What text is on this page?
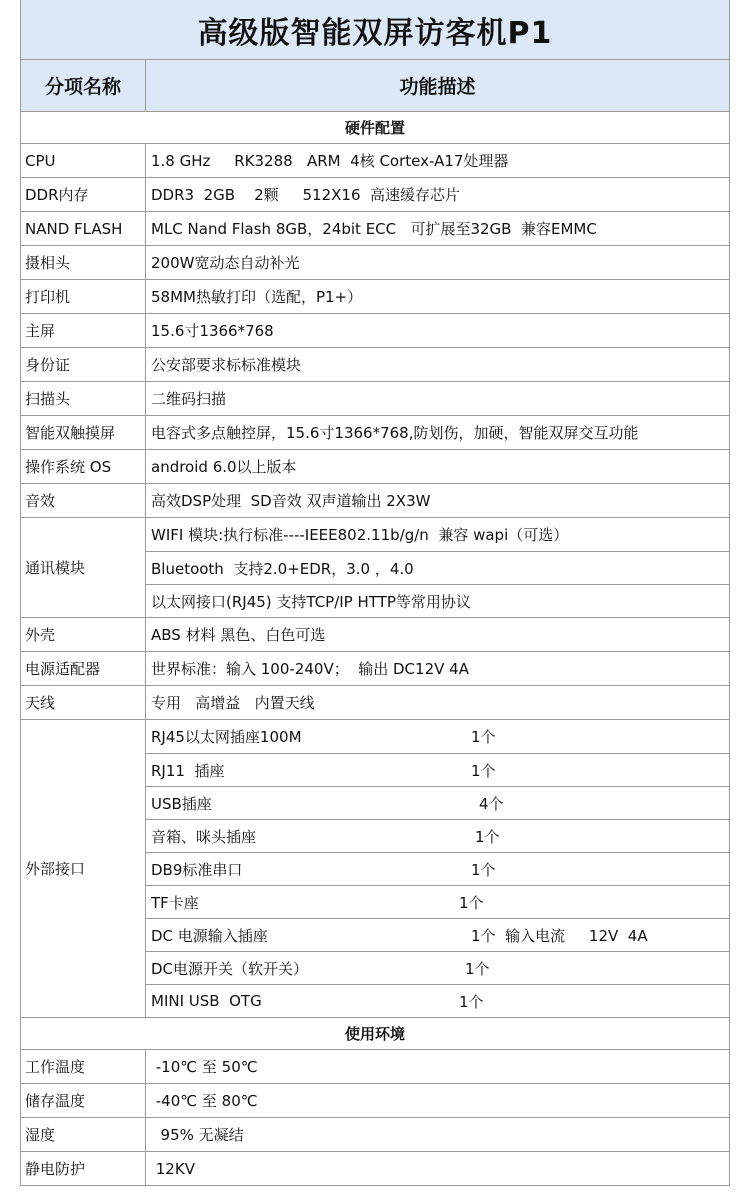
高级版智能双屏访客机P1
分项名称	功能描述
硬件配置
CPU	1.8 GHz     RK3288   ARM  4核 Cortex-A17处理器
DDR内存	DDR3  2GB    2颗     512X16  高速缓存芯片
NAND FLASH	MLC Nand Flash 8GB，24bit ECC   可扩展至32GB  兼容EMMC
摄相头	200W宽动态自动补光
打印机	58MM热敏打印（选配，P1+）
主屏	15.6寸1366*768
身份证	公安部要求标标准模块
扫描头	二维码扫描
智能双触摸屏	电容式多点触控屏，15.6寸1366*768,防划伤，加硬，智能双屏交互功能
操作系统 OS	android 6.0以上版本
音效	高效DSP处理  SD音效 双声道输出 2X3W
通讯模块
WIFI 模块:执行标准----IEEE802.11b/g/n  兼容 wapi（可选）
Bluetooth  支持2.0+EDR，3.0 ，4.0
以太网接口(RJ45) 支持TCP/IP HTTP等常用协议
外壳	ABS 材料 黑色、白色可选
电源适配器	世界标准：输入 100-240V；  输出 DC12V 4A
天线	专用   高增益   内置天线
外部接口
RJ45以太网插座100M	1个
RJ11  插座	1个
USB插座	4个
音箱、咪头插座	1个
DB9标准串口	1个
TF卡座	1个
DC 电源输入插座	1个  输入电流     12V  4A
DC电源开关（软开关）	1个
MINI USB  OTG	1个
使用环境
工作温度	-10℃ 至 50℃
储存温度	-40℃ 至 80℃
湿度	95% 无凝结
静电防护	12KV
